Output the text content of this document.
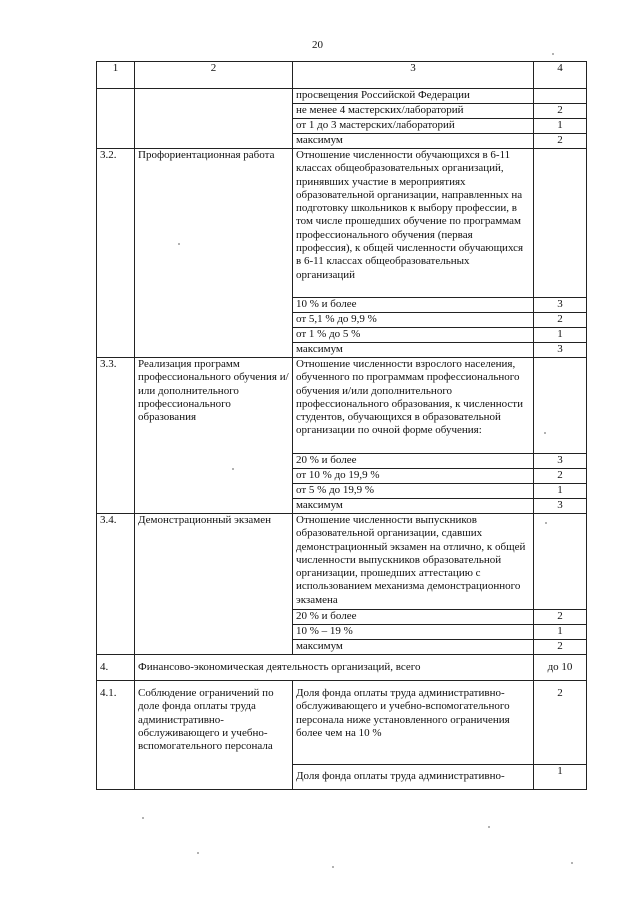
20
1	2	3	4
		просвещения Российской Федерации	
		не менее 4 мастерских/лабораторий	2
		от 1 до 3 мастерских/лабораторий	1
		максимум	2
3.2.	Профориентационная работа	Отношение численности обучающихся в 6-11 классах общеобразовательных организаций, принявших участие в мероприятиях образовательной организации, направленных на подготовку школьников к выбору профессии, в том числе прошедших обучение по программам профессионального обучения (первая профессия), к общей численности обучающихся в 6-11 классах общеобразовательных организаций	
		10 % и более	3
		от 5,1 % до 9,9 %	2
		от 1 % до 5 %	1
		максимум	3
3.3.	Реализация программ профессионального обучения и/или дополнительного профессионального образования	Отношение численности взрослого населения, обученного по программам профессионального обучения и/или дополнительного профессионального образования, к численности студентов, обучающихся в образовательной организации по очной форме обучения:	
		20 % и более	3
		от 10 % до 19,9 %	2
		от 5 % до 19,9 %	1
		максимум	3
3.4.	Демонстрационный экзамен	Отношение численности выпускников образовательной организации, сдавших демонстрационный экзамен на отлично, к общей численности выпускников образовательной организации, прошедших аттестацию с использованием механизма демонстрационного экзамена	
		20 % и более	2
		10 % – 19 %	1
		максимум	2
4.	Финансово-экономическая деятельность организаций, всего		до 10
4.1.	Соблюдение ограничений по доле фонда оплаты труда административно-обслуживающего и учебно-вспомогательного персонала	Доля фонда оплаты труда административно-обслуживающего и учебно-вспомогательного персонала ниже установленного ограничения более чем на 10 %	2
		Доля фонда оплаты труда административно-	1
